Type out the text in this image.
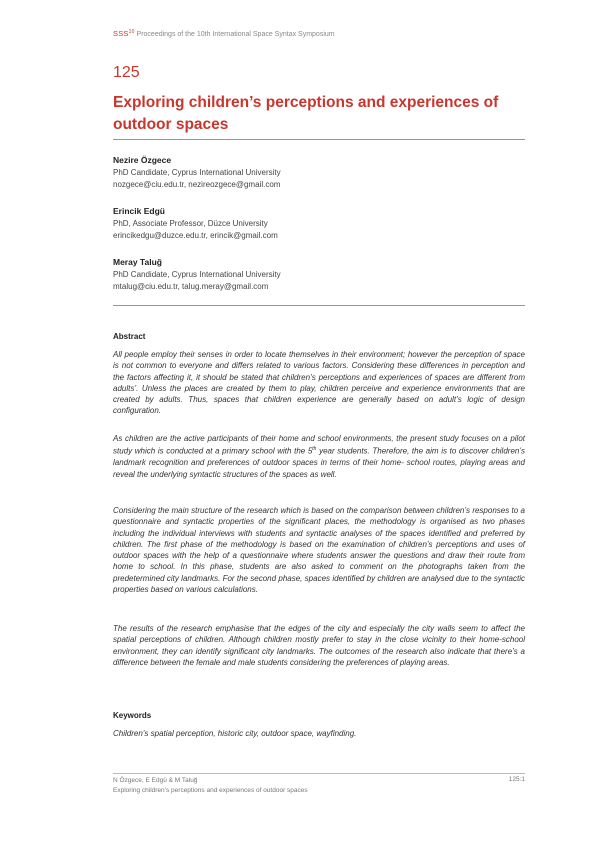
SSS$^{10}$ Proceedings of the 10th International Space Syntax Symposium
125
Exploring children’s perceptions and experiences of outdoor spaces
Nezire Özgece
PhD Candidate, Cyprus International University
nozgece@ciu.edu.tr, nezireozgece@gmail.com
Erincik Edgü
PhD, Associate Professor, Düzce University
erincikedgu@duzce.edu.tr, erincik@gmail.com
Meray Taluğ
PhD Candidate, Cyprus International University
mtalug@ciu.edu.tr, talug.meray@gmail.com
Abstract

All people employ their senses in order to locate themselves in their environment; however the perception of space is not common to everyone and differs related to various factors. Considering these differences in perception and the factors affecting it, it should be stated that children’s perceptions and experiences of spaces are different from adults’. Unless the places are created by them to play, children perceive and experience environments that are created by adults. Thus, spaces that children experience are generally based on adult’s logic of design configuration.

As children are the active participants of their home and school environments, the present study focuses on a pilot study which is conducted at a primary school with the 5th year students. Therefore, the aim is to discover children’s landmark recognition and preferences of outdoor spaces in terms of their home- school routes, playing areas and reveal the underlying syntactic structures of the spaces as well.

Considering the main structure of the research which is based on the comparison between children’s responses to a questionnaire and syntactic properties of the significant places, the methodology is organised as two phases including the individual interviews with students and syntactic analyses of the spaces identified and preferred by children. The first phase of the methodology is based on the examination of children’s perceptions and uses of outdoor spaces with the help of a questionnaire where students answer the questions and draw their route from home to school. In this phase, students are also asked to comment on the photographs taken from the predetermined city landmarks. For the second phase, spaces identified by children are analysed due to the syntactic properties based on various calculations.

The results of the research emphasise that the edges of the city and especially the city walls seem to affect the spatial perceptions of children. Although children mostly prefer to stay in the close vicinity to their home-school environment, they can identify significant city landmarks. The outcomes of the research also indicate that there’s a difference between the female and male students considering the preferences of playing areas.

Keywords

Children’s spatial perception, historic city, outdoor space, wayfinding.

N Özgece, E Edgü & M Taluğ
Exploring children’s perceptions and experiences of outdoor spaces
125:1
